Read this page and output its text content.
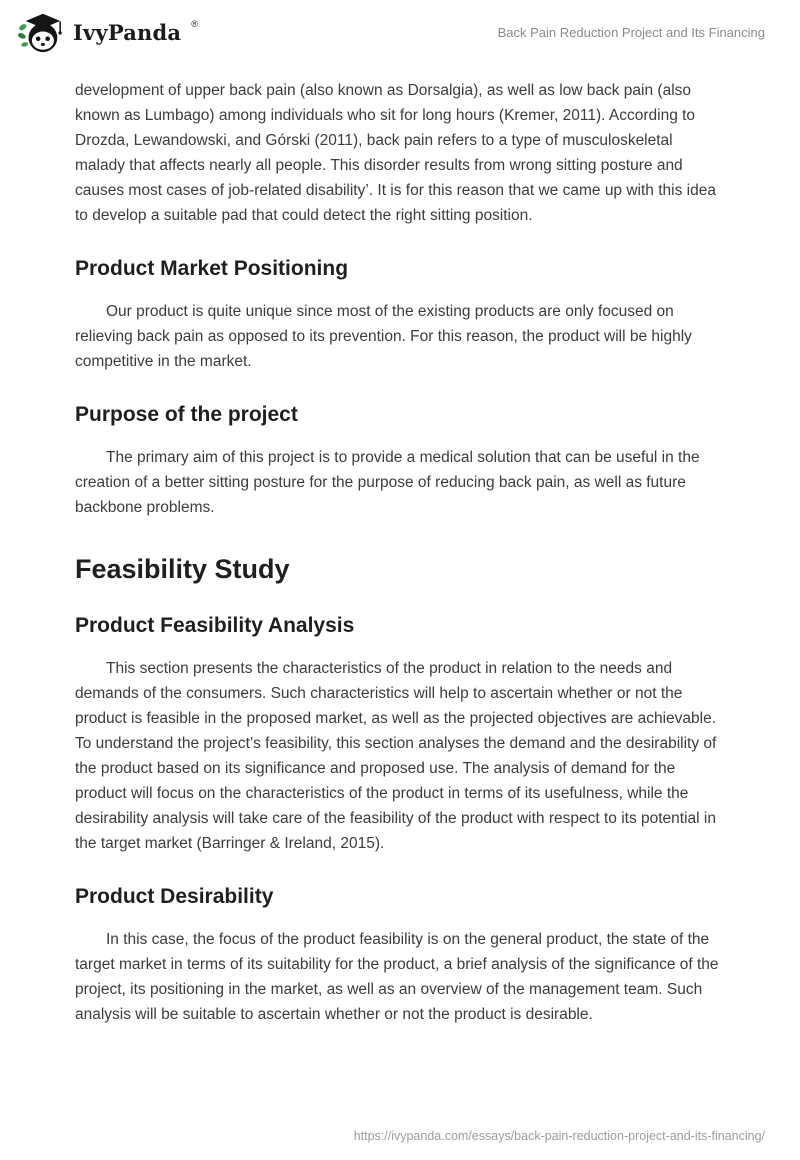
IvyPanda ®
Back Pain Reduction Project and Its Financing

development of upper back pain (also known as Dorsalgia), as well as low back pain (also known as Lumbago) among individuals who sit for long hours (Kremer, 2011). According to Drozda, Lewandowski, and Górski (2011), back pain refers to a type of musculoskeletal malady that affects nearly all people. This disorder results from wrong sitting posture and causes most cases of job-related disability’. It is for this reason that we came up with this idea to develop a suitable pad that could detect the right sitting position.

Product Market Positioning

Our product is quite unique since most of the existing products are only focused on relieving back pain as opposed to its prevention. For this reason, the product will be highly competitive in the market.

Purpose of the project

The primary aim of this project is to provide a medical solution that can be useful in the creation of a better sitting posture for the purpose of reducing back pain, as well as future backbone problems.

Feasibility Study
Product Feasibility Analysis

This section presents the characteristics of the product in relation to the needs and demands of the consumers. Such characteristics will help to ascertain whether or not the product is feasible in the proposed market, as well as the projected objectives are achievable. To understand the project’s feasibility, this section analyses the demand and the desirability of the product based on its significance and proposed use. The analysis of demand for the product will focus on the characteristics of the product in terms of its usefulness, while the desirability analysis will take care of the feasibility of the product with respect to its potential in the target market (Barringer & Ireland, 2015).

Product Desirability

In this case, the focus of the product feasibility is on the general product, the state of the target market in terms of its suitability for the product, a brief analysis of the significance of the project, its positioning in the market, as well as an overview of the management team. Such analysis will be suitable to ascertain whether or not the product is desirable.

https://ivypanda.com/essays/back-pain-reduction-project-and-its-financing/
